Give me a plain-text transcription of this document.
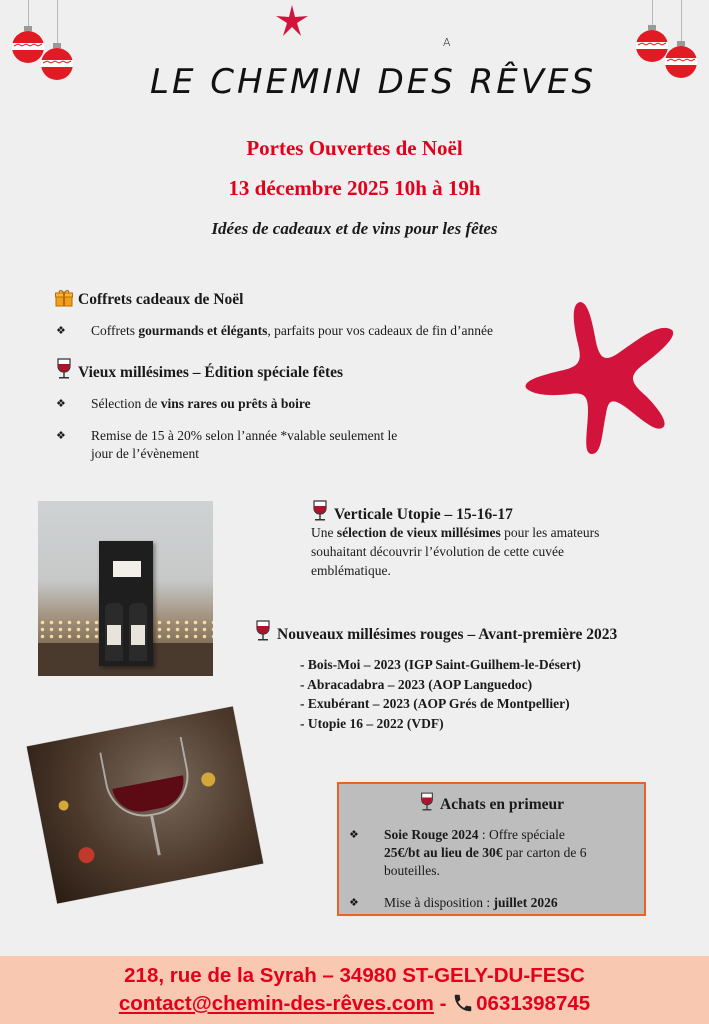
A
LE CHEMIN DES RÊVES
Portes Ouvertes de Noël
13 décembre 2025 10h à 19h
Idées de cadeaux et de vins pour les fêtes
Coffrets cadeaux de Noël
❖ Coffrets gourmands et élégants, parfaits pour vos cadeaux de fin d’année
Vieux millésimes – Édition spéciale fêtes
❖ Sélection de vins rares ou prêts à boire
❖ Remise de 15 à 20% selon l’année *valable seulement le
jour de l’évènement
Verticale Utopie – 15-16-17
Une sélection de vieux millésimes pour les amateurs
souhaitant découvrir l’évolution de cette cuvée
emblématique.
Nouveaux millésimes rouges – Avant-première 2023
- Bois-Moi – 2023 (IGP Saint-Guilhem-le-Désert)
- Abracadabra – 2023 (AOP Languedoc)
- Exubérant – 2023 (AOP Grés de Montpellier)
- Utopie 16 – 2022 (VDF)
Achats en primeur
❖ Soie Rouge 2024 : Offre spéciale
25€/bt au lieu de 30€ par carton de 6
bouteilles.
❖ Mise à disposition : juillet 2026
218, rue de la Syrah – 34980 ST-GELY-DU-FESC
contact@chemin-des-rêves.com - 0631398745
